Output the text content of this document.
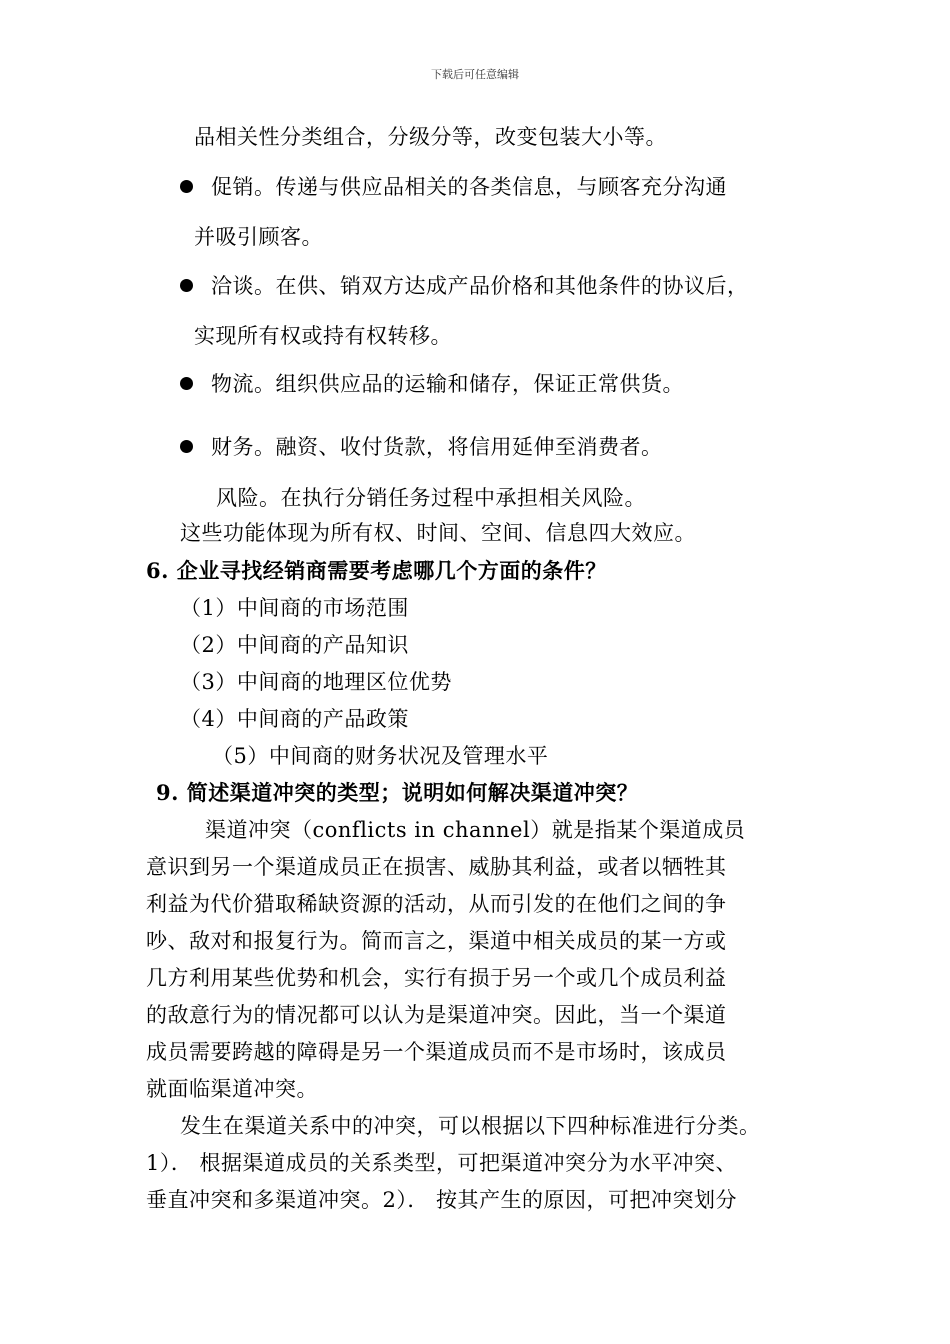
下载后可任意编辑
品相关性分类组合，分级分等，改变包装大小等。
促销。传递与供应品相关的各类信息，与顾客充分沟通
并吸引顾客。
洽谈。在供、销双方达成产品价格和其他条件的协议后，
实现所有权或持有权转移。
物流。组织供应品的运输和储存，保证正常供货。
财务。融资、收付货款，将信用延伸至消费者。
风险。在执行分销任务过程中承担相关风险。
这些功能体现为所有权、时间、空间、信息四大效应。
6. 企业寻找经销商需要考虑哪几个方面的条件？
（1）中间商的市场范围
（2）中间商的产品知识
（3）中间商的地理区位优势
（4）中间商的产品政策
（5）中间商的财务状况及管理水平
9. 简述渠道冲突的类型；说明如何解决渠道冲突？
渠道冲突（conflicts in channel）就是指某个渠道成员
意识到另一个渠道成员正在损害、威胁其利益，或者以牺牲其
利益为代价猎取稀缺资源的活动，从而引发的在他们之间的争
吵、敌对和报复行为。简而言之，渠道中相关成员的某一方或
几方利用某些优势和机会，实行有损于另一个或几个成员利益
的敌意行为的情况都可以认为是渠道冲突。因此，当一个渠道
成员需要跨越的障碍是另一个渠道成员而不是市场时，该成员
就面临渠道冲突。
发生在渠道关系中的冲突，可以根据以下四种标准进行分类。
1）． 根据渠道成员的关系类型，可把渠道冲突分为水平冲突、
垂直冲突和多渠道冲突。2）． 按其产生的原因，可把冲突划分
